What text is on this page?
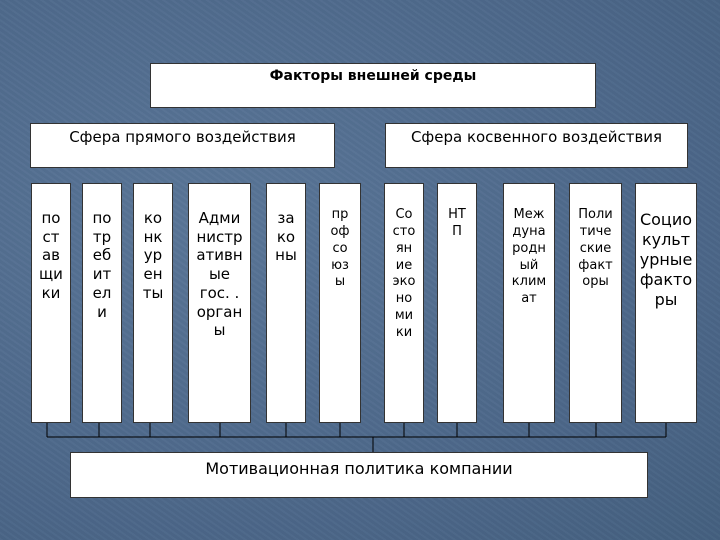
Факторы внешней среды
Сфера прямого воздействия	Сфера косвенного воздействия

по
ст
ав
щи
ки

по
тр
еб
ит
ел
и

ко
нк
ур
ен
ты

Адми
нистр
ативн
ые
гос. .
орган
ы

за
ко
ны

пр
оф
со
юз
ы

Со
сто
ян
ие
эко
но
ми
ки

НТ
П

Меж
дуна
родн
ый
клим
ат

Поли
тиче
ские
факт
оры

Социо
культ
урные
факто
ры

Мотивационная политика компании
